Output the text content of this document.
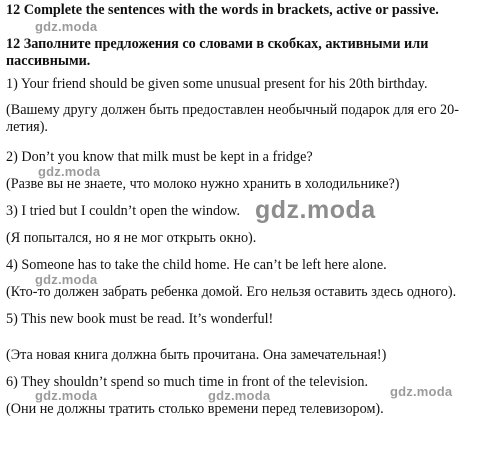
12 Complete the sentences with the words in brackets, active or passive.
12 Заполните предложения со словами в скобках, активными или пассивными.
1) Your friend should be given some unusual present for his 20th birthday.
(Вашему другу должен быть предоставлен необычный подарок для его 20-летия).
2) Don’t you know that milk must be kept in a fridge?
(Разве вы не знаете, что молоко нужно хранить в холодильнике?)
3) I tried but I couldn’t open the window.
(Я попытался, но я не мог открыть окно).
4) Someone has to take the child home. He can’t be left here alone.
(Кто-то должен забрать ребенка домой. Его нельзя оставить здесь одного).
5) This new book must be read. It’s wonderful!
(Эта новая книга должна быть прочитана. Она замечательная!)
6) They shouldn’t spend so much time in front of the television.
(Они не должны тратить столько времени перед телевизором).
gdz.moda
gdz.moda
gdz.moda
gdz.moda
gdz.moda	gdz.moda	gdz.moda
